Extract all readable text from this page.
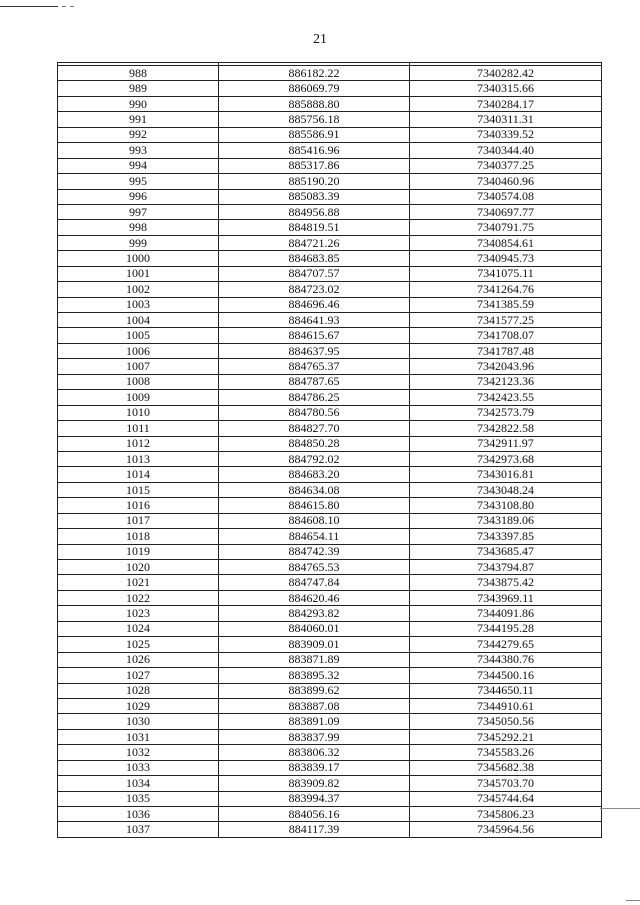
21

988	886182.22	7340282.42
989	886069.79	7340315.66
990	885888.80	7340284.17
991	885756.18	7340311.31
992	885586.91	7340339.52
993	885416.96	7340344.40
994	885317.86	7340377.25
995	885190.20	7340460.96
996	885083.39	7340574.08
997	884956.88	7340697.77
998	884819.51	7340791.75
999	884721.26	7340854.61
1000	884683.85	7340945.73
1001	884707.57	7341075.11
1002	884723.02	7341264.76
1003	884696.46	7341385.59
1004	884641.93	7341577.25
1005	884615.67	7341708.07
1006	884637.95	7341787.48
1007	884765.37	7342043.96
1008	884787.65	7342123.36
1009	884786.25	7342423.55
1010	884780.56	7342573.79
1011	884827.70	7342822.58
1012	884850.28	7342911.97
1013	884792.02	7342973.68
1014	884683.20	7343016.81
1015	884634.08	7343048.24
1016	884615.80	7343108.80
1017	884608.10	7343189.06
1018	884654.11	7343397.85
1019	884742.39	7343685.47
1020	884765.53	7343794.87
1021	884747.84	7343875.42
1022	884620.46	7343969.11
1023	884293.82	7344091.86
1024	884060.01	7344195.28
1025	883909.01	7344279.65
1026	883871.89	7344380.76
1027	883895.32	7344500.16
1028	883899.62	7344650.11
1029	883887.08	7344910.61
1030	883891.09	7345050.56
1031	883837.99	7345292.21
1032	883806.32	7345583.26
1033	883839.17	7345682.38
1034	883909.82	7345703.70
1035	883994.37	7345744.64
1036	884056.16	7345806.23
1037	884117.39	7345964.56
